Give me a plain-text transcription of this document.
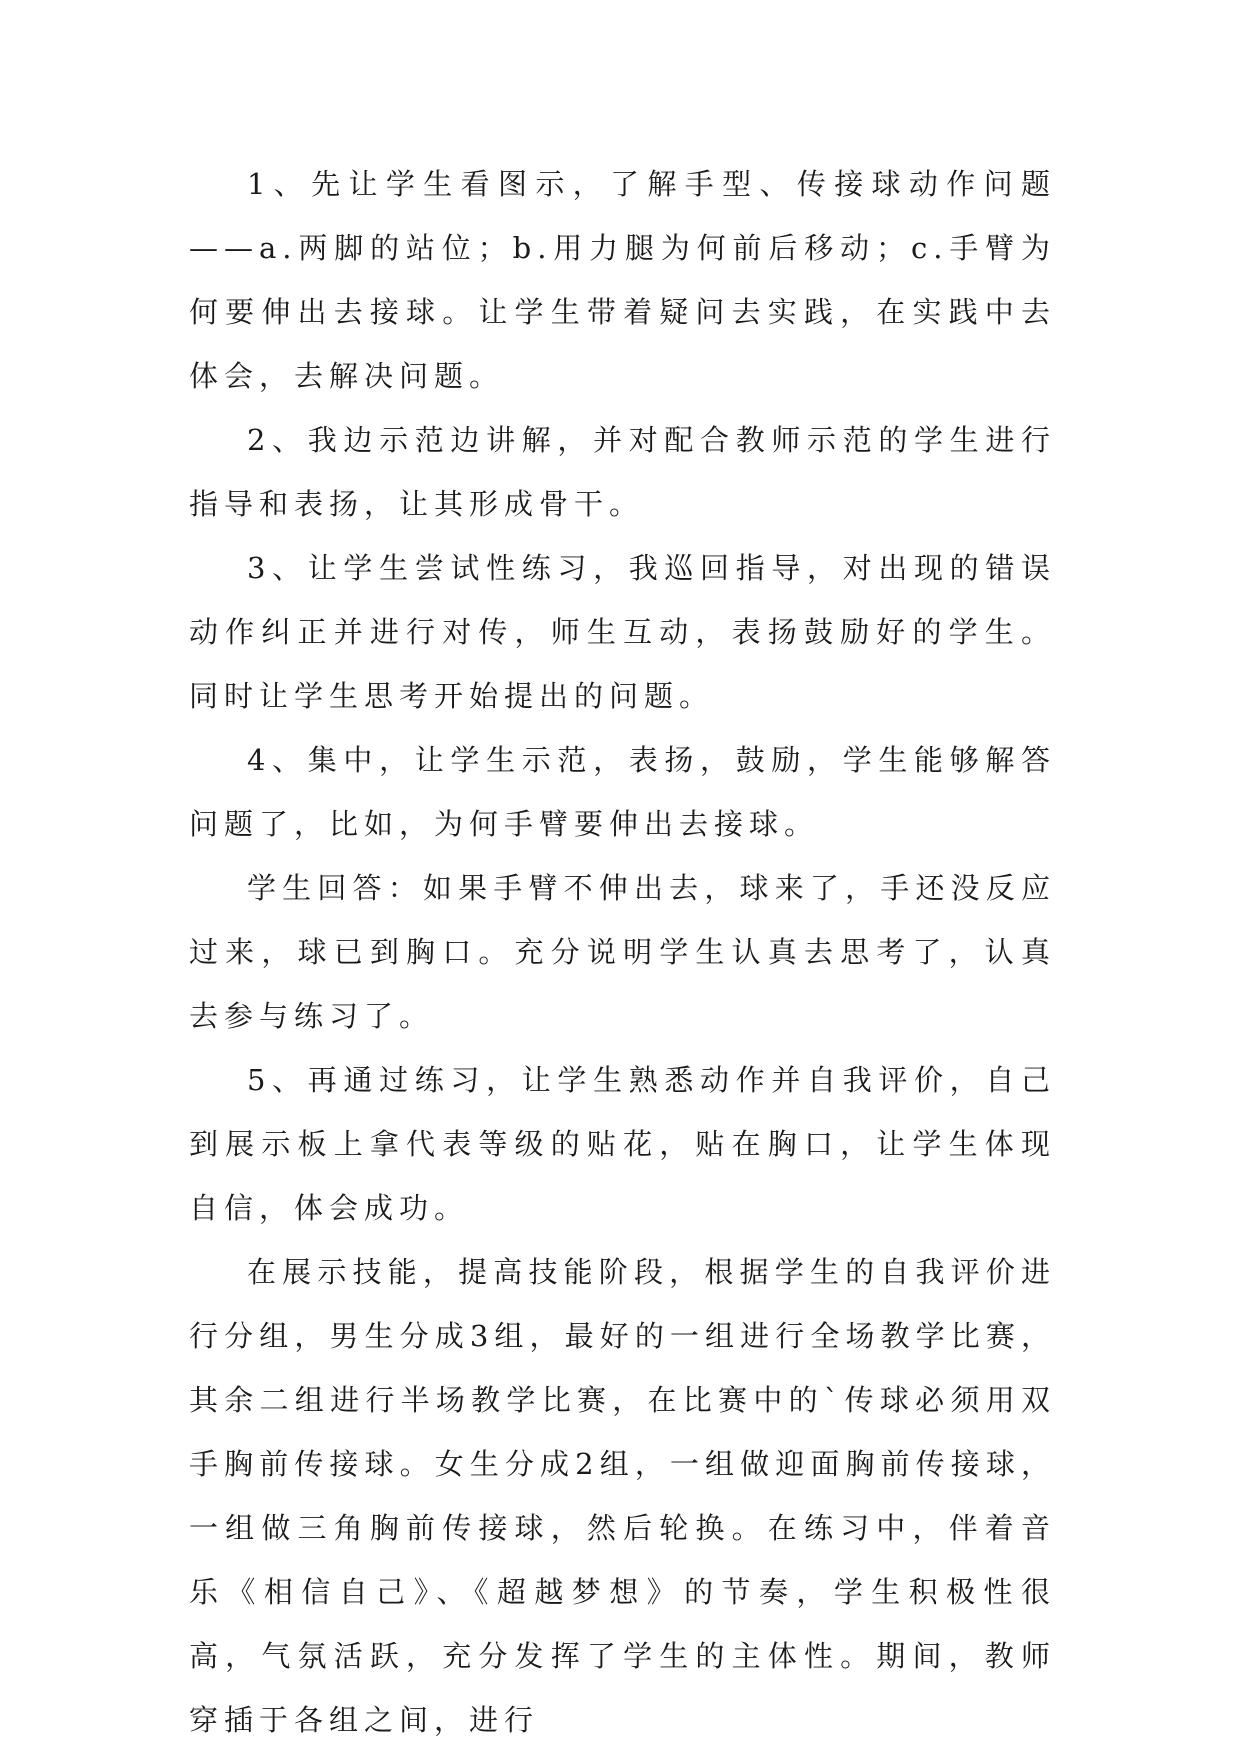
1、先让学生看图示，了解手型、传接球动作问题——a.两脚的站位；b.用力腿为何前后移动；c.手臂为何要伸出去接球。让学生带着疑问去实践，在实践中去体会，去解决问题。

2、我边示范边讲解，并对配合教师示范的学生进行指导和表扬，让其形成骨干。

3、让学生尝试性练习，我巡回指导，对出现的错误动作纠正并进行对传，师生互动，表扬鼓励好的学生。同时让学生思考开始提出的问题。

4、集中，让学生示范，表扬，鼓励，学生能够解答问题了，比如，为何手臂要伸出去接球。

学生回答：如果手臂不伸出去，球来了，手还没反应过来，球已到胸口。充分说明学生认真去思考了，认真去参与练习了。

5、再通过练习，让学生熟悉动作并自我评价，自己到展示板上拿代表等级的贴花，贴在胸口，让学生体现自信，体会成功。

在展示技能，提高技能阶段，根据学生的自我评价进行分组，男生分成3组，最好的一组进行全场教学比赛，其余二组进行半场教学比赛，在比赛中的`传球必须用双手胸前传接球。女生分成2组，一组做迎面胸前传接球，一组做三角胸前传接球，然后轮换。在练习中，伴着音乐《相信自己》、《超越梦想》的节奏，学生积极性很高，气氛活跃，充分发挥了学生的主体性。期间，教师穿插于各组之间，进行
